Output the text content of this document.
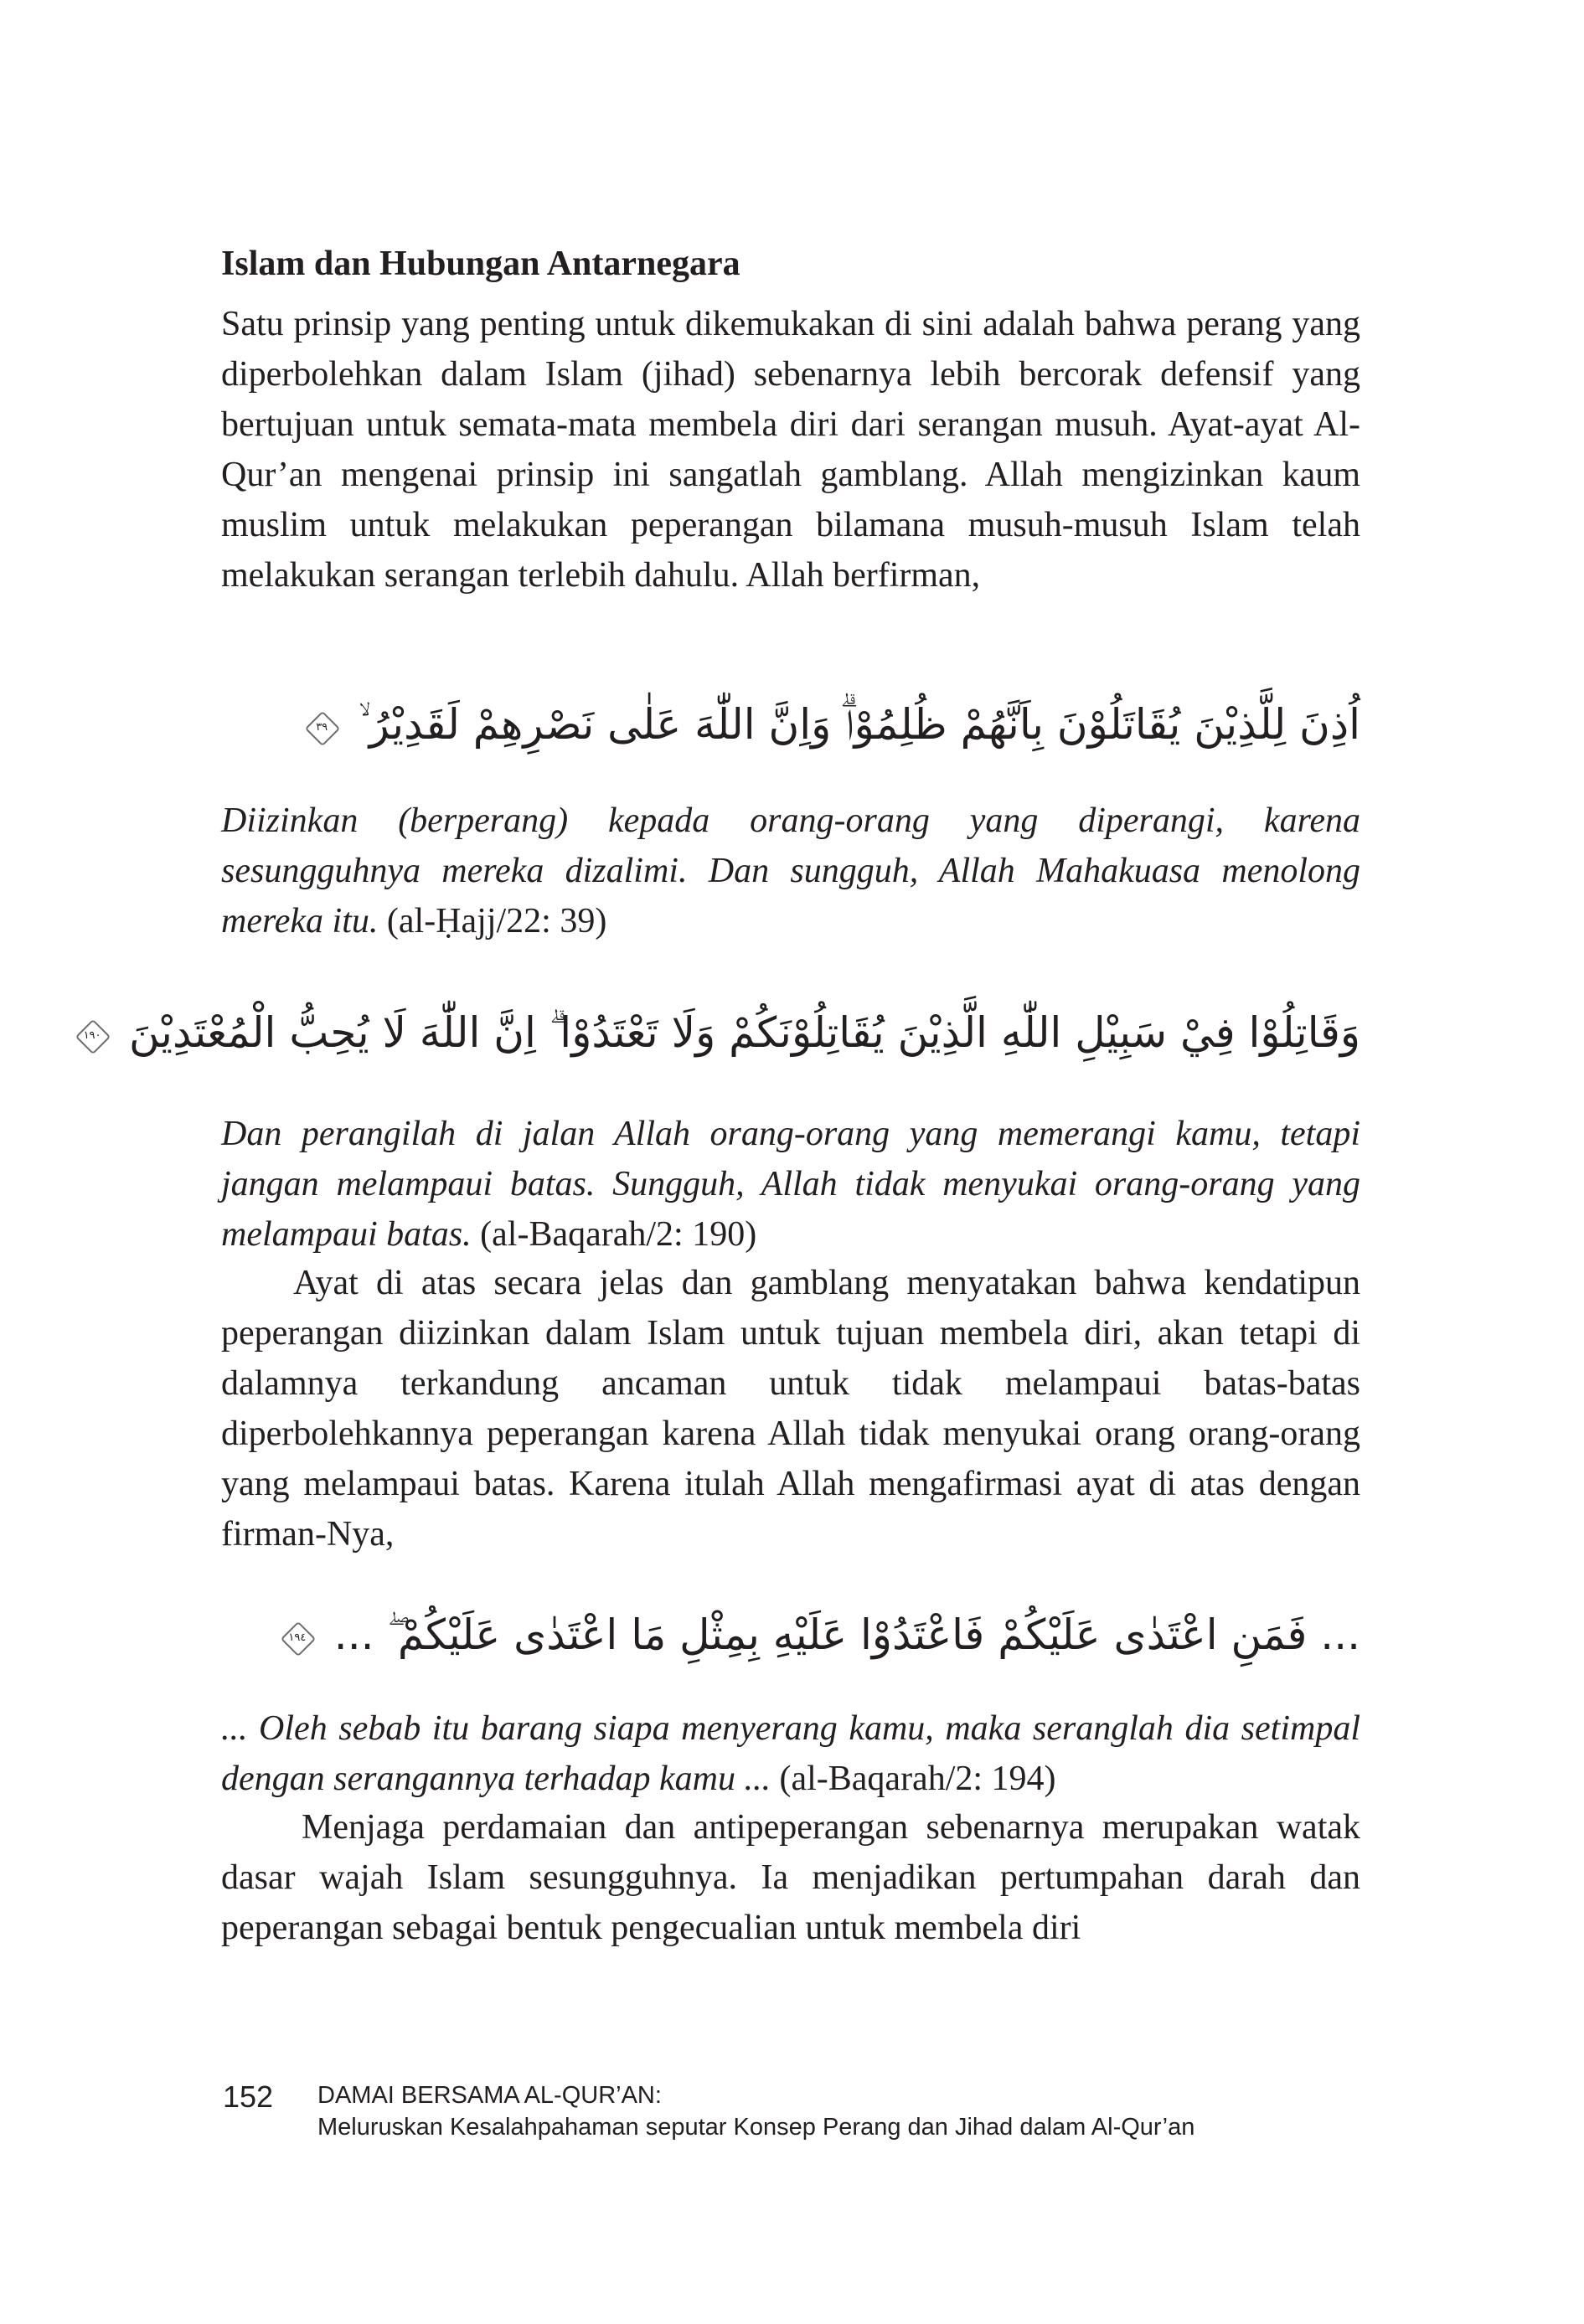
Islam dan Hubungan Antarnegara

Satu prinsip yang penting untuk dikemukakan di sini adalah bahwa perang yang diperbolehkan dalam Islam (jihad) sebenarnya lebih bercorak defensif yang bertujuan untuk semata-mata membela diri dari serangan musuh. Ayat-ayat Al-Qur’an mengenai prinsip ini sangatlah gamblang. Allah mengizinkan kaum muslim untuk melakukan peperangan bilamana musuh-musuh Islam telah melakukan serangan terlebih dahulu. Allah berfirman,

اُذِنَ لِلَّذِيْنَ يُقَاتَلُوْنَ بِاَنَّهُمْ ظُلِمُوْاۗ وَاِنَّ اللّٰهَ عَلٰى نَصْرِهِمْ لَقَدِيْرُ ۙ ٣٩

Diizinkan (berperang) kepada orang-orang yang diperangi, karena sesungguhnya mereka dizalimi. Dan sungguh, Allah Mahakuasa menolong mereka itu. (al-Ḥajj/22: 39)

وَقَاتِلُوْا فِيْ سَبِيْلِ اللّٰهِ الَّذِيْنَ يُقَاتِلُوْنَكُمْ وَلَا تَعْتَدُوْا ۗ اِنَّ اللّٰهَ لَا يُحِبُّ الْمُعْتَدِيْنَ ١٩٠

Dan perangilah di jalan Allah orang-orang yang memerangi kamu, tetapi jangan melampaui batas. Sungguh, Allah tidak menyukai orang-orang yang melampaui batas. (al-Baqarah/2: 190)

Ayat di atas secara jelas dan gamblang menyatakan bahwa kendatipun peperangan diizinkan dalam Islam untuk tujuan membela diri, akan tetapi di dalamnya terkandung ancaman untuk tidak melampaui batas-batas diperbolehkannya peperangan karena Allah tidak menyukai orang orang-orang yang melampaui batas. Karena itulah Allah mengafirmasi ayat di atas dengan firman-Nya,

... فَمَنِ اعْتَدٰى عَلَيْكُمْ فَاعْتَدُوْا عَلَيْهِ بِمِثْلِ مَا اعْتَدٰى عَلَيْكُمْ ۖ ... ١٩٤

... Oleh sebab itu barang siapa menyerang kamu, maka seranglah dia setimpal dengan serangannya terhadap kamu ... (al-Baqarah/2: 194)

Menjaga perdamaian dan antipeperangan sebenarnya merupakan watak dasar wajah Islam sesungguhnya. Ia menjadikan pertumpahan darah dan peperangan sebagai bentuk pengecualian untuk membela diri

152 DAMAI BERSAMA AL-QUR’AN:
Meluruskan Kesalahpahaman seputar Konsep Perang dan Jihad dalam Al-Qur’an
